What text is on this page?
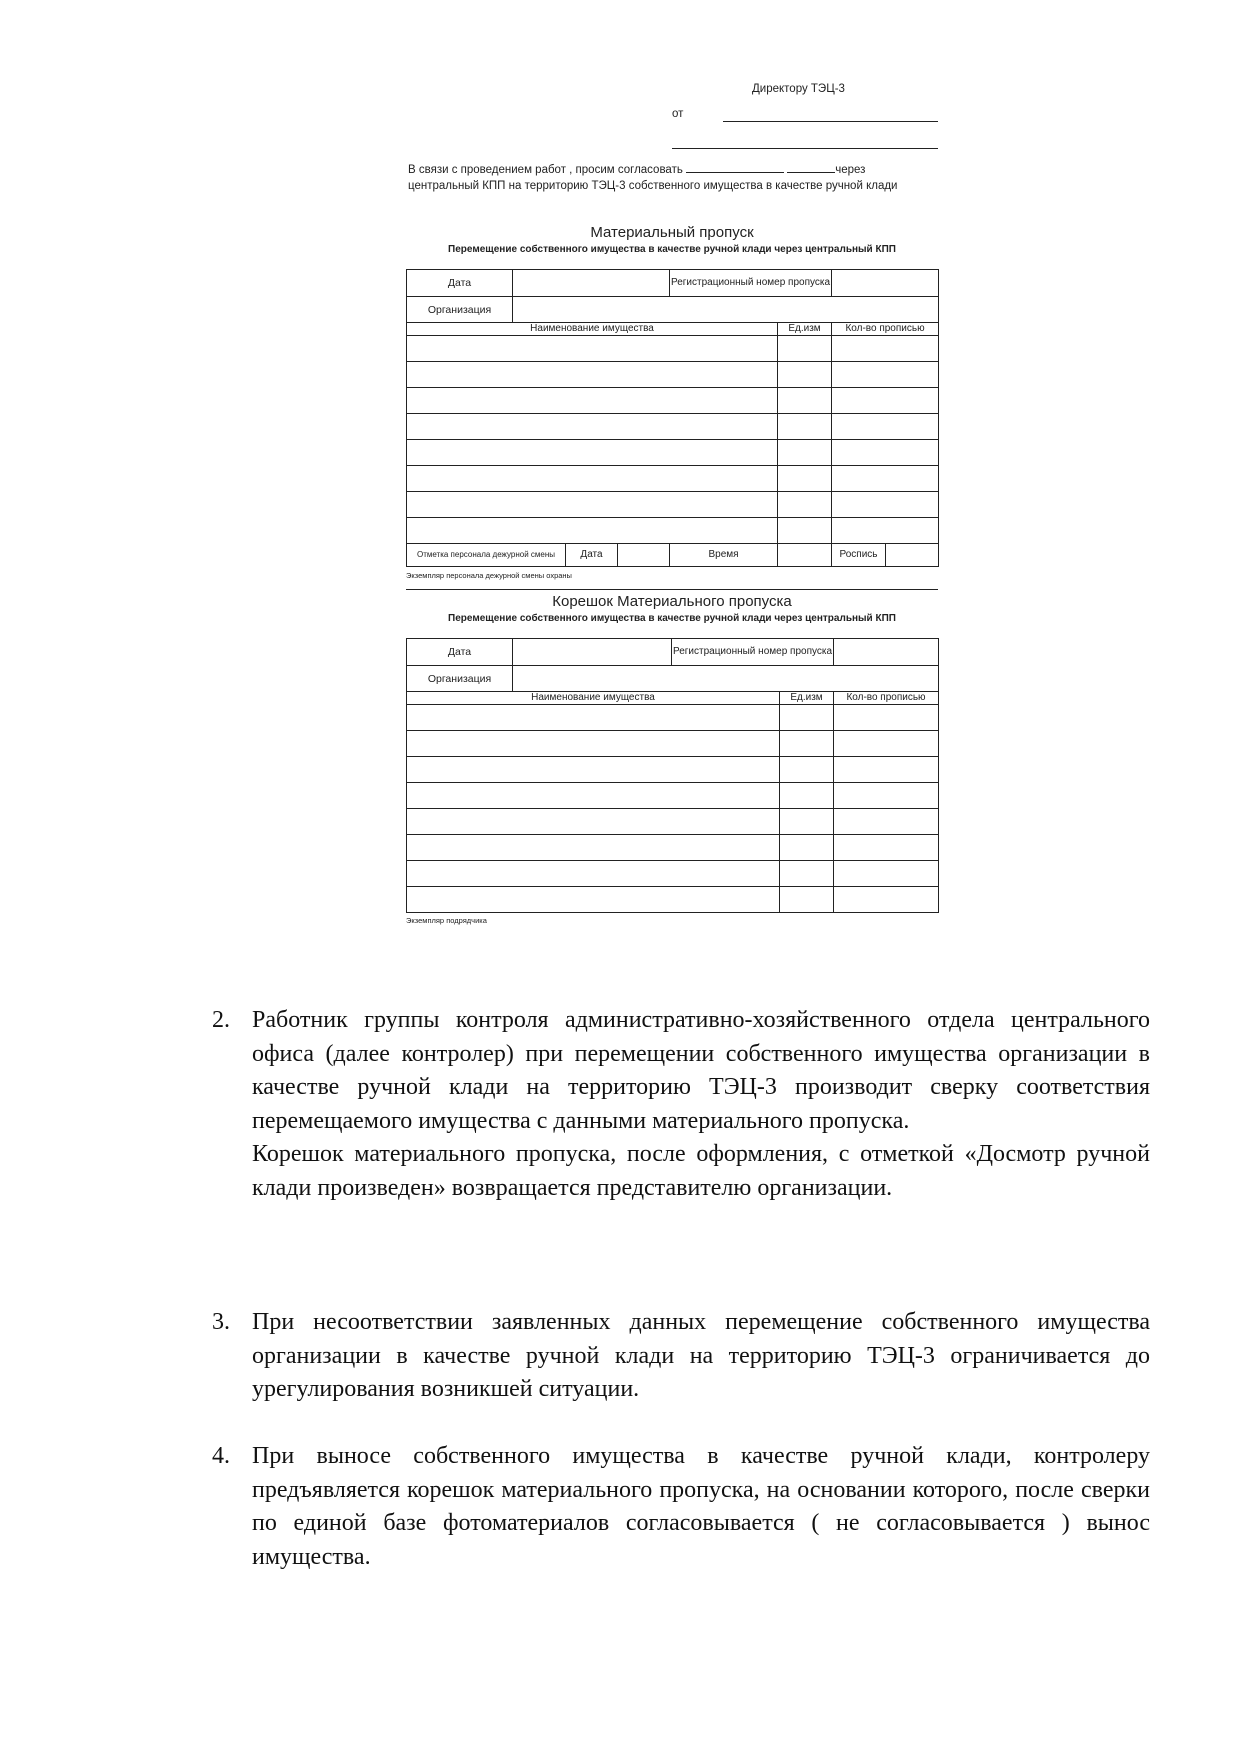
Директору ТЭЦ-3
от
В связи с проведением работ , просим согласовать	через центральный КПП на территорию ТЭЦ-3 собственного имущества в качестве ручной клади
Материальный пропуск
Перемещение собственного имущества в качестве ручной клади через центральный КПП
Дата				Регистрационный номер пропуска			
Организация							
Наименование имущества					Ед.изм	Кол-во прописью	

Отметка персонала дежурной смены		Дата		Время		Роспись	
Экземпляр персонала дежурной смены охраны
Корешок Материального пропуска
Перемещение собственного имущества в качестве ручной клади через центральный КПП
Дата		Регистрационный номер пропуска		
Организация				
Наименование имущества			Ед.изм	Кол-во прописью

Экземпляр подрядчика
2. Работник группы контроля административно-хозяйственного отдела центрального офиса (далее контролер) при перемещении собственного имущества организации в качестве ручной клади на территорию ТЭЦ-3 производит сверку соответствия перемещаемого имущества с данными материального пропуска.

Корешок материального пропуска, после оформления, с отметкой «Досмотр ручной клади произведен» возвращается представителю организации.

3. При несоответствии заявленных данных перемещение собственного имущества организации в качестве ручной клади на территорию ТЭЦ-3 ограничивается до урегулирования возникшей ситуации.

4. При выносе собственного имущества в качестве ручной клади, контролеру предъявляется корешок материального пропуска, на основании которого, после сверки по единой базе фотоматериалов согласовывается ( не согласовывается ) вынос имущества.
